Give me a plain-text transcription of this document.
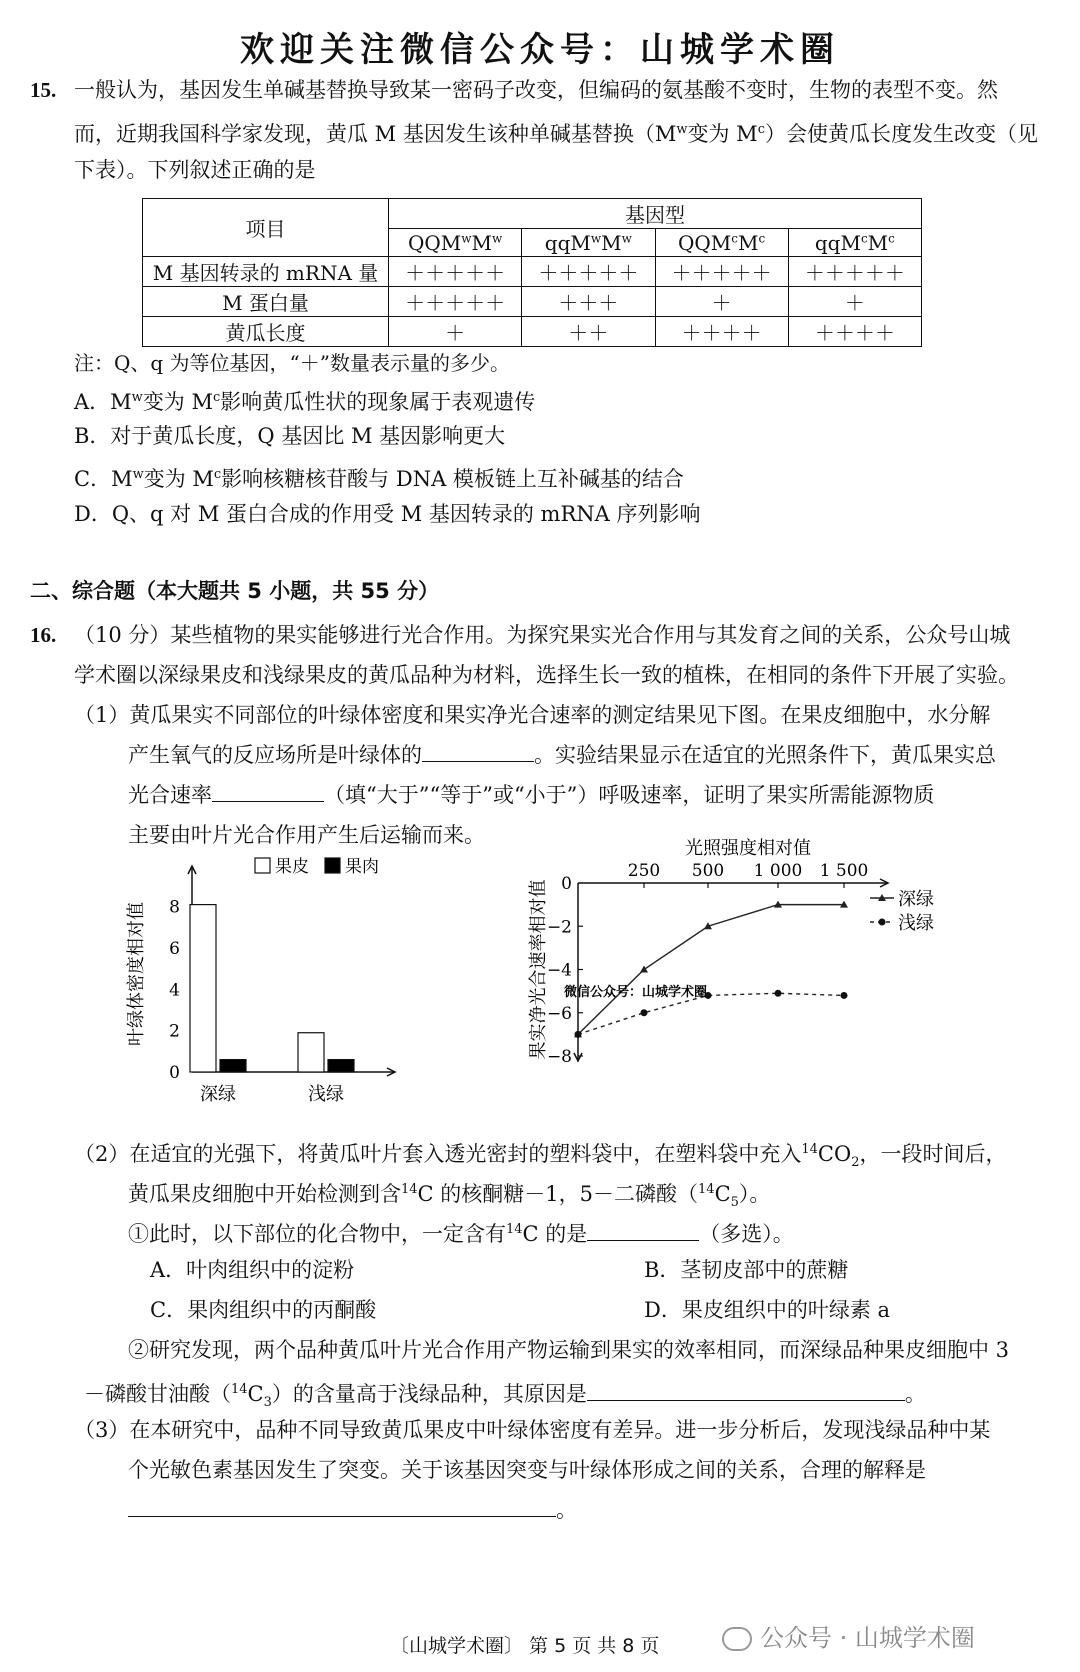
欢迎关注微信公众号：山城学术圈
15. 一般认为，基因发生单碱基替换导致某一密码子改变，但编码的氨基酸不变时，生物的表型不变。然
而，近期我国科学家发现，黄瓜 M 基因发生该种单碱基替换（$M^w$变为 $M^c$）会使黄瓜长度发生改变（见
下表）。下列叙述正确的是
项目	基因型			
	$QQM^wM^w$	$qqM^wM^w$	$QQM^cM^c$	$qqM^cM^c$
M 基因转录的 mRNA 量	＋＋＋＋＋	＋＋＋＋＋	＋＋＋＋＋	＋＋＋＋＋
M 蛋白量	＋＋＋＋＋	＋＋＋	＋	＋
黄瓜长度	＋	＋＋	＋＋＋＋	＋＋＋＋
注：Q、q 为等位基因，“＋”数量表示量的多少。
A．$M^w$变为 $M^c$影响黄瓜性状的现象属于表观遗传
B．对于黄瓜长度，Q 基因比 M 基因影响更大
C．$M^w$变为 $M^c$影响核糖核苷酸与 DNA 模板链上互补碱基的结合
D．Q、q 对 M 蛋白合成的作用受 M 基因转录的 mRNA 序列影响
二、综合题（本大题共 5 小题，共 55 分）
16. （10 分）某些植物的果实能够进行光合作用。为探究果实光合作用与其发育之间的关系，公众号山城
学术圈以深绿果皮和浅绿果皮的黄瓜品种为材料，选择生长一致的植株，在相同的条件下开展了实验。
（1）黄瓜果实不同部位的叶绿体密度和果实净光合速率的测定结果见下图。在果皮细胞中，水分解
产生氧气的反应场所是叶绿体的	。实验结果显示在适宜的光照条件下，黄瓜果实总
光合速率	（填“大于”“等于”或“小于”）呼吸速率，证明了果实所需能源物质
主要由叶片光合作用产生后运输而来。
0
2
4
6
8
叶绿体密度相对值
深绿	浅绿
果皮 果肉
0
−2
−4
−6
−8
（2）在适宜的光强下，将黄瓜叶片套入透光密封的塑料袋中，在塑料袋中充入$^{14}CO_2$，一段时间后，
黄瓜果皮细胞中开始检测到含$^{14}$C 的核酮糖－1，5－二磷酸$(^{14}C_5)$。
①此时，以下部位的化合物中，一定含有$^{14}$C 的是	（多选）。
A．叶肉组织中的淀粉	B．茎韧皮部中的蔗糖
C．果肉组织中的丙酮酸	D．果皮组织中的叶绿素 a
②研究发现，两个品种黄瓜叶片光合作用产物运输到果实的效率相同，而深绿品种果皮细胞中 3
－磷酸甘油酸$(^{14}C_3)$的含量高于浅绿品种，其原因是	。
（3）在本研究中，品种不同导致黄瓜果皮中叶绿体密度有差异。进一步分析后，发现浅绿品种中某
个光敏色素基因发生了突变。关于该基因突变与叶绿体形成之间的关系，合理的解释是
。
〔山城学术圈〕 第 5 页 共 8 页	公众号 · 山城学术圈
光照强度相对值
250 500 1 000 1 500
深绿
浅绿
果实净光合速率相对值 微信公众号：山城学术圈
